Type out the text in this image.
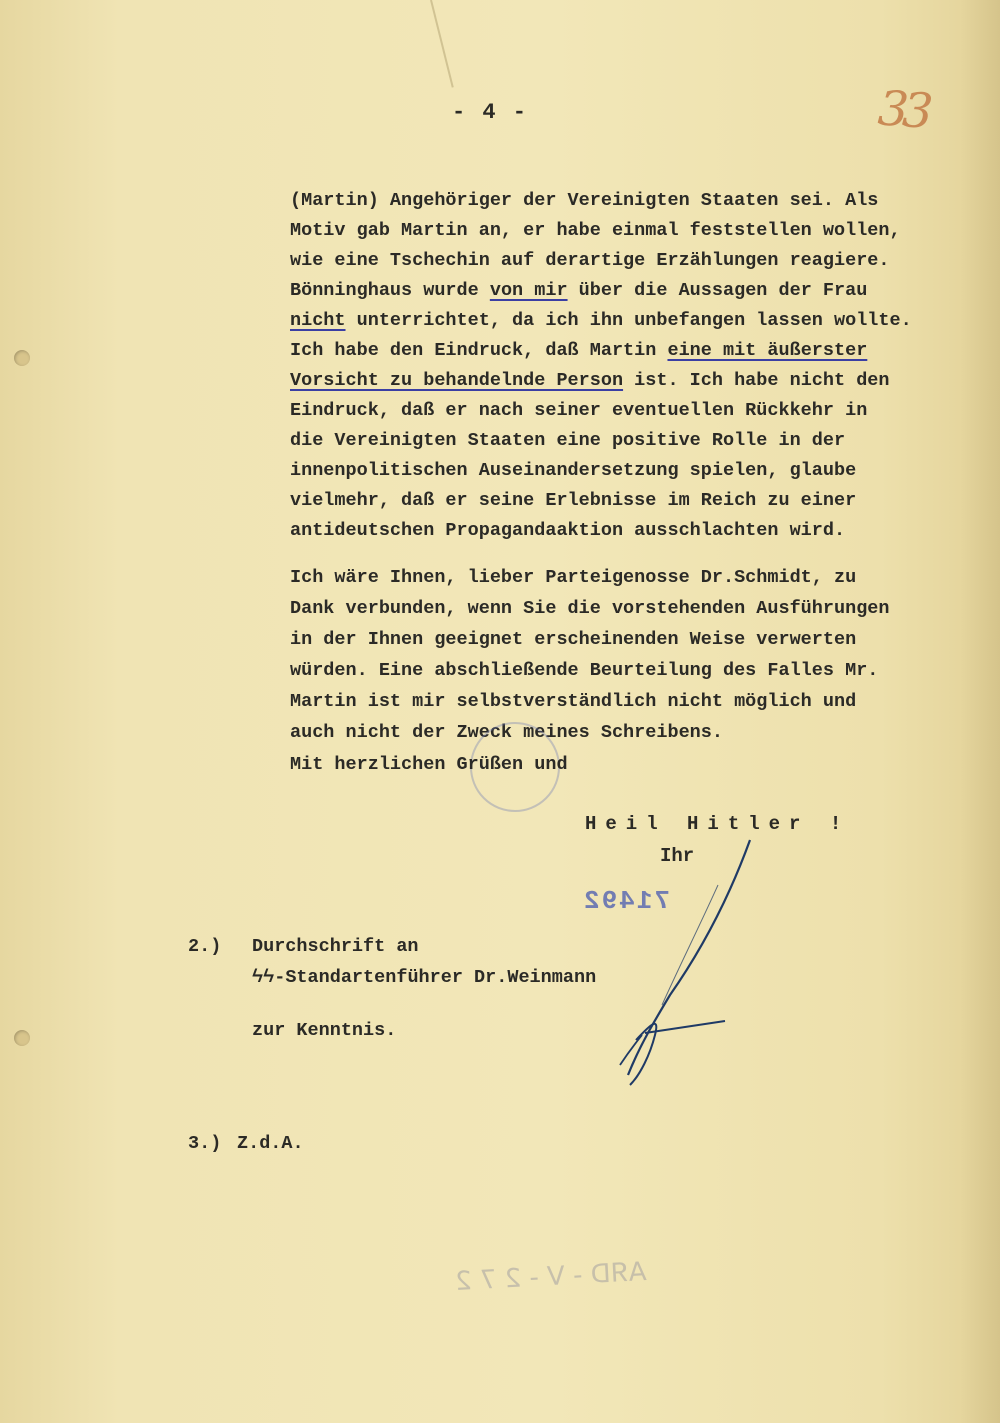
- 4 -	33
(Martin) Angehöriger der Vereinigten Staaten sei. Als
Motiv gab Martin an, er habe einmal feststellen wollen,
wie eine Tschechin auf derartige Erzählungen reagiere.
Bönninghaus wurde von mir über die Aussagen der Frau
nicht unterrichtet, da ich ihn unbefangen lassen wollte.
Ich habe den Eindruck, daß Martin eine mit äußerster
Vorsicht zu behandelnde Person ist. Ich habe nicht den
Eindruck, daß er nach seiner eventuellen Rückkehr in
die Vereinigten Staaten eine positive Rolle in der
innenpolitischen Auseinandersetzung spielen, glaube
vielmehr, daß er seine Erlebnisse im Reich zu einer
antideutschen Propagandaaktion ausschlachten wird.
Ich wäre Ihnen, lieber Parteigenosse Dr.Schmidt, zu
Dank verbunden, wenn Sie die vorstehenden Ausführungen
in der Ihnen geeignet erscheinenden Weise verwerten
würden. Eine abschließende Beurteilung des Falles Mr.
Martin ist mir selbstverständlich nicht möglich und
auch nicht der Zweck meines Schreibens.
Mit herzlichen Grüßen und
Heil Hitler !
Ihr
71492
2.) Durchschrift an
ϟϟ-Standartenführer Dr.Weinmann
zur Kenntnis.
3.) Z.d.A.
AЯD - V - 2 7 2
